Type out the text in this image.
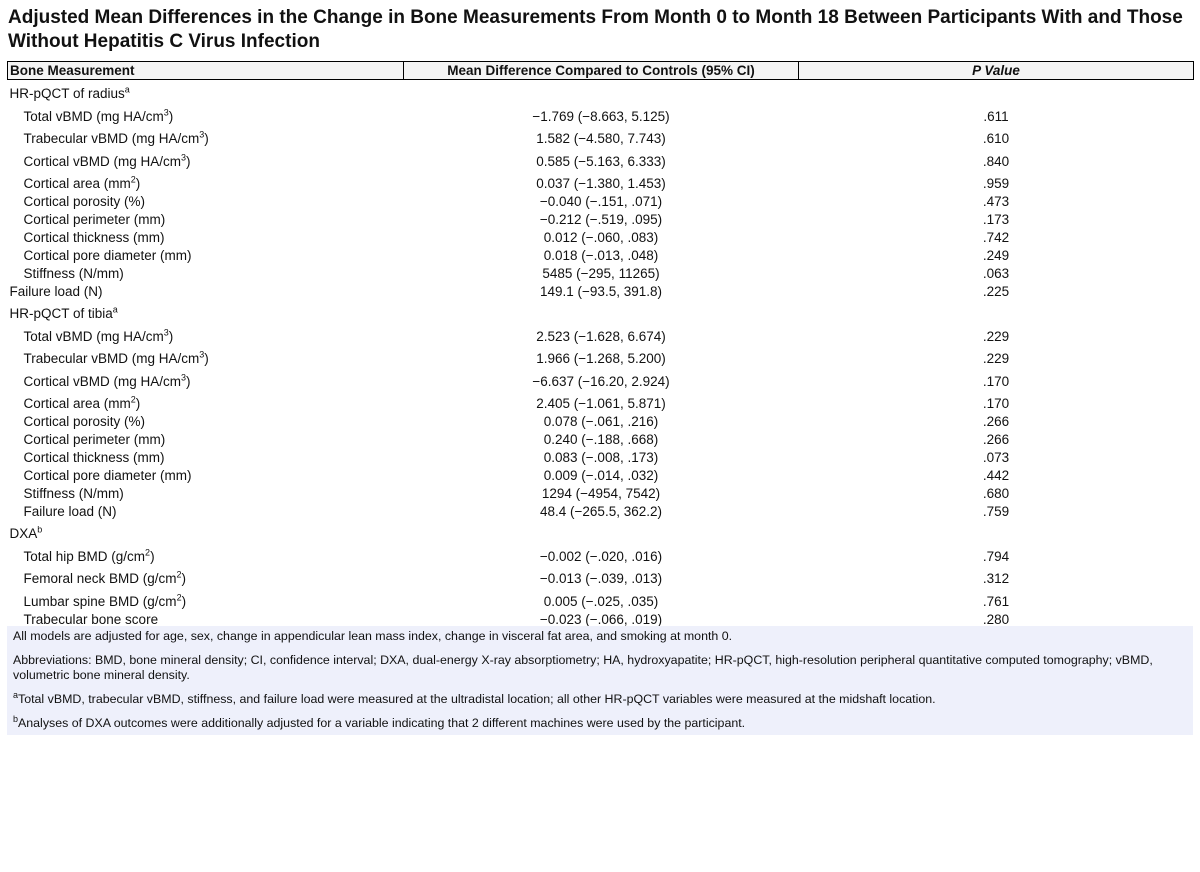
Adjusted Mean Differences in the Change in Bone Measurements From Month 0 to Month 18 Between Participants With and Those Without Hepatitis C Virus Infection
Bone Measurement	Mean Difference Compared to Controls (95% CI)	P Value
HR-pQCT of radius$^a$
Total vBMD (mg $HA/cm^3$)	−1.769 (−8.663, 5.125)	.611
Trabecular vBMD (mg $HA/cm^3$)	1.582 (−4.580, 7.743)	.610
Cortical vBMD (mg $HA/cm^3$)	0.585 (−5.163, 6.333)	.840
Cortical area $(mm^2)$	0.037 (−1.380, 1.453)	.959
Cortical porosity (%)	−0.040 (−.151, .071)	.473
Cortical perimeter (mm)	−0.212 (−.519, .095)	.173
Cortical thickness (mm)	0.012 (−.060, .083)	.742
Cortical pore diameter (mm)	0.018 (−.013, .048)	.249
Stiffness (N/mm)	5485 (−295, 11265)	.063
Failure load (N)	149.1 (−93.5, 391.8)	.225
HR-pQCT of tibia$^a$
Total vBMD (mg $HA/cm^3$)	2.523 (−1.628, 6.674)	.229
Trabecular vBMD (mg $HA/cm^3$)	1.966 (−1.268, 5.200)	.229
Cortical vBMD (mg $HA/cm^3$)	−6.637 (−16.20, 2.924)	.170
Cortical area $(mm^2)$	2.405 (−1.061, 5.871)	.170
Cortical porosity (%)	0.078 (−.061, .216)	.266
Cortical perimeter (mm)	0.240 (−.188, .668)	.266
Cortical thickness (mm)	0.083 (−.008, .173)	.073
Cortical pore diameter (mm)	0.009 (−.014, .032)	.442
Stiffness (N/mm)	1294 (−4954, 7542)	.680
Failure load (N)	48.4 (−265.5, 362.2)	.759
DXA$^b$
Total hip BMD $(g/cm^2)$	−0.002 (−.020, .016)	.794
Femoral neck BMD $(g/cm^2)$	−0.013 (−.039, .013)	.312
Lumbar spine BMD $(g/cm^2)$	0.005 (−.025, .035)	.761
Trabecular bone score	−0.023 (−.066, .019)	.280

All models are adjusted for age, sex, change in appendicular lean mass index, change in visceral fat area, and smoking at month 0.

Abbreviations: BMD, bone mineral density; CI, confidence interval; DXA, dual-energy X-ray absorptiometry; HA, hydroxyapatite; HR-pQCT, high-resolution peripheral quantitative computed tomography; vBMD, volumetric bone mineral density.

$^a$Total vBMD, trabecular vBMD, stiffness, and failure load were measured at the ultradistal location; all other HR-pQCT variables were measured at the midshaft location.

$^b$Analyses of DXA outcomes were additionally adjusted for a variable indicating that 2 different machines were used by the participant.
